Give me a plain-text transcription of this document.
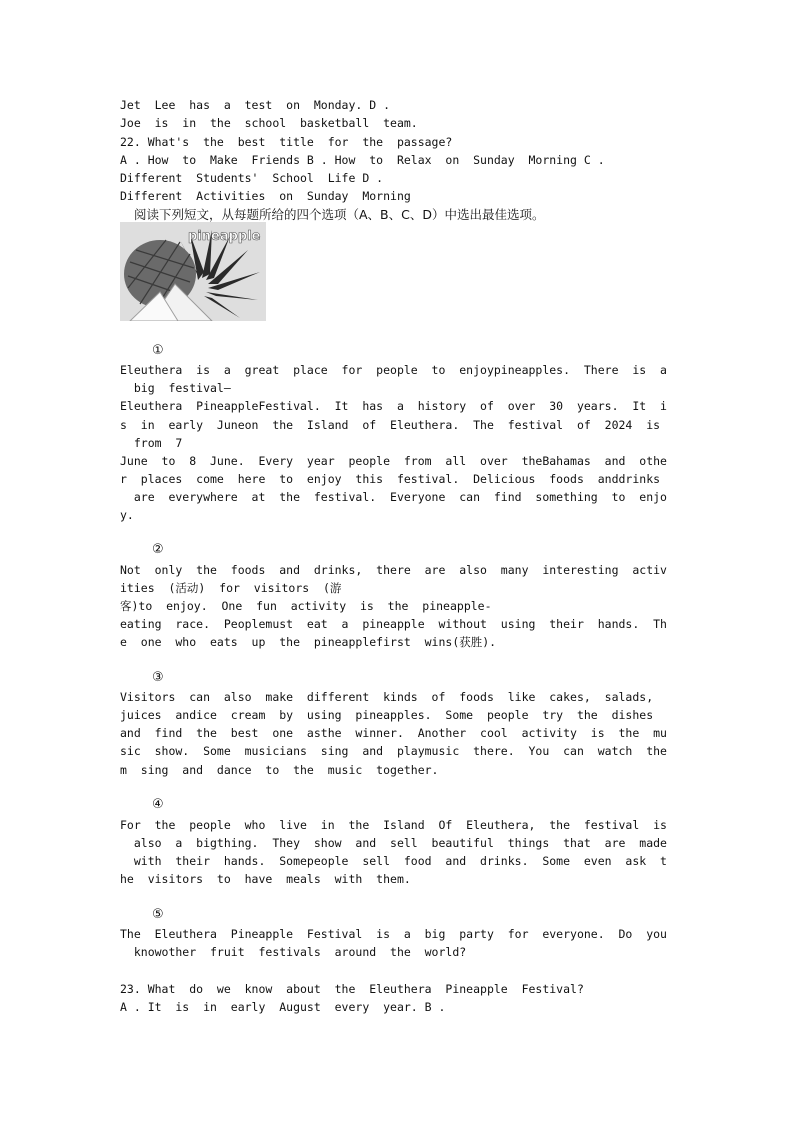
Jet  Lee  has  a  test  on  Monday. D .
Joe  is  in  the  school  basketball  team.
22. What's  the  best  title  for  the  passage?
A . How  to  Make  Friends B . How  to  Relax  on  Sunday  Morning C .
Different  Students'  School  Life D .
Different  Activities  on  Sunday  Morning
阅读下列短文，从每题所给的四个选项（A、B、C、D）中选出最佳选项。
pineapple
①
Eleuthera  is  a  great  place  for  people  to  enjoypineapples.  There  is  a
big  festival—
Eleuthera  PineappleFestival.  It  has  a  history  of  over  30  years.  It  i
s  in  early  Juneon  the  Island  of  Eleuthera.  The  festival  of  2024  is
from  7
June  to  8  June.  Every  year  people  from  all  over  theBahamas  and  othe
r  places  come  here  to  enjoy  this  festival.  Delicious  foods  anddrinks
are  everywhere  at  the  festival.  Everyone  can  find  something  to  enjo
y.
②
Not  only  the  foods  and  drinks,  there  are  also  many  interesting  activ
ities  (活动)  for  visitors  (游
客)to  enjoy.  One  fun  activity  is  the  pineapple-
eating  race.  Peoplemust  eat  a  pineapple  without  using  their  hands.  Th
e  one  who  eats  up  the  pineapplefirst  wins(获胜).
③
Visitors  can  also  make  different  kinds  of  foods  like  cakes,  salads,
juices  andice  cream  by  using  pineapples.  Some  people  try  the  dishes
and  find  the  best  one  asthe  winner.  Another  cool  activity  is  the  mu
sic  show.  Some  musicians  sing  and  playmusic  there.  You  can  watch  the
m  sing  and  dance  to  the  music  together.
④
For  the  people  who  live  in  the  Island  Of  Eleuthera,  the  festival  is
also  a  bigthing.  They  show  and  sell  beautiful  things  that  are  made
with  their  hands.  Somepeople  sell  food  and  drinks.  Some  even  ask  t
he  visitors  to  have  meals  with  them.
⑤
The  Eleuthera  Pineapple  Festival  is  a  big  party  for  everyone.  Do  you
knowother  fruit  festivals  around  the  world?
23. What  do  we  know  about  the  Eleuthera  Pineapple  Festival?
A . It  is  in  early  August  every  year. B .
